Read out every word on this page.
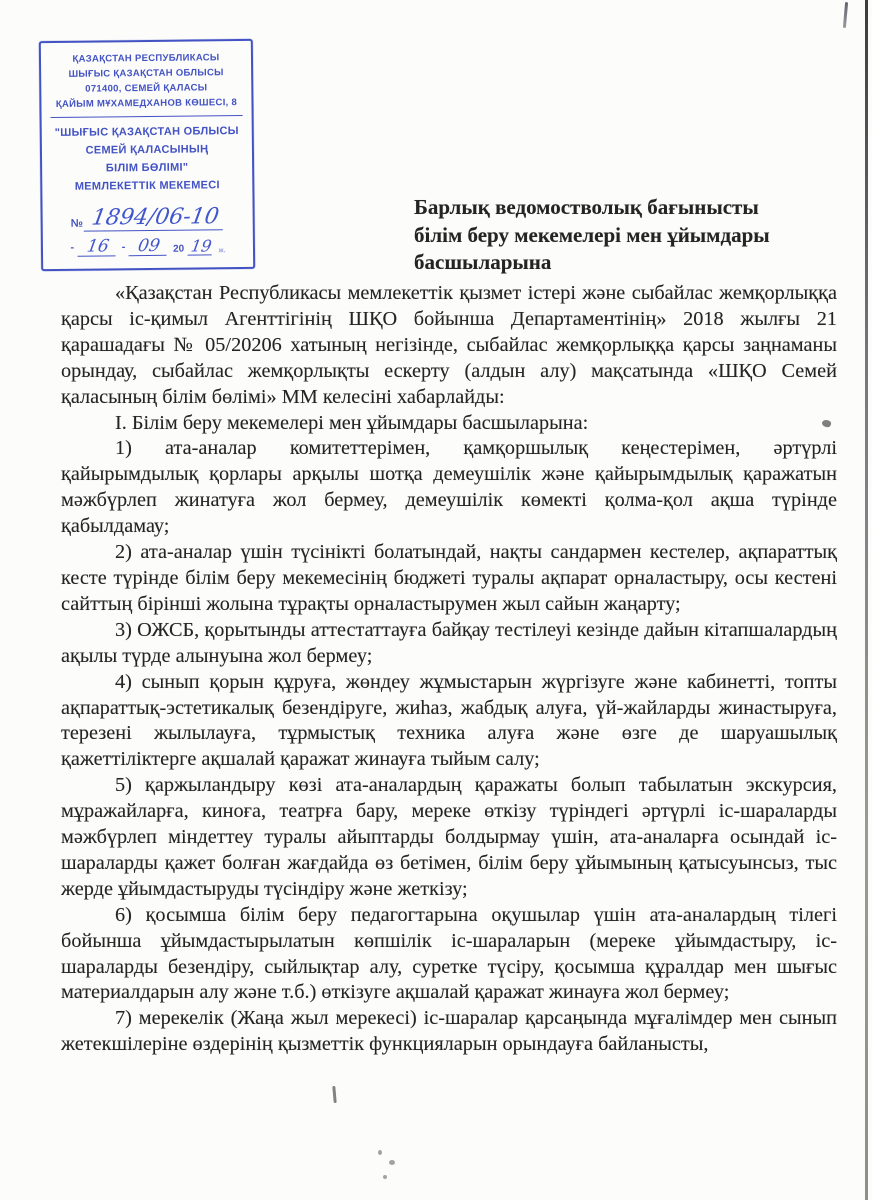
ҚАЗАҚСТАН РЕСПУБЛИКАСЫ
ШЫҒЫС ҚАЗАҚСТАН ОБЛЫСЫ
071400, СЕМЕЙ ҚАЛАСЫ
ҚАЙЫМ МҰХАМЕДХАНОВ КӨШЕСІ, 8
"ШЫҒЫС ҚАЗАҚСТАН ОБЛЫСЫ
СЕМЕЙ ҚАЛАСЫНЫҢ
БІЛІМ БӨЛІМІ"
МЕМЛЕКЕТТІК МЕКЕМЕСІ
№ 1894/06-10
- 16	- 09	20 19 ж.
Барлық ведомостволық бағынысты
білім беру мекемелері мен ұйымдары
басшыларына

«Қазақстан Республикасы мемлекеттік қызмет істері және сыбайлас жемқорлыққа қарсы іс-қимыл Агенттігінің ШҚО бойынша Департаментінің» 2018 жылғы 21 қарашадағы № 05/20206 хатының негізінде, сыбайлас жемқорлыққа қарсы заңнаманы орындау, сыбайлас жемқорлықты ескерту (алдын алу) мақсатында «ШҚО Семей қаласының білім бөлімі» ММ келесіні хабарлайды:

І. Білім беру мекемелері мен ұйымдары басшыларына:

1) ата-аналар комитеттерімен, қамқоршылық кеңестерімен, әртүрлі қайырымдылық қорлары арқылы шотқа демеушілік және қайырымдылық қаражатын мәжбүрлеп жинатуға жол бермеу, демеушілік көмекті қолма-қол ақша түрінде қабылдамау;

2) ата-аналар үшін түсінікті болатындай, нақты сандармен кестелер, ақпараттық кесте түрінде білім беру мекемесінің бюджеті туралы ақпарат орналастыру, осы кестені сайттың бірінші жолына тұрақты орналастырумен жыл сайын жаңарту;

3) ОЖСБ, қорытынды аттестаттауға байқау тестілеуі кезінде дайын кітапшалардың ақылы түрде алынуына жол бермеу;

4) сынып қорын құруға, жөндеу жұмыстарын жүргізуге және кабинетті, топты ақпараттық-эстетикалық безендіруге, жиһаз, жабдық алуға, үй-жайларды жинастыруға, терезені жылылауға, тұрмыстық техника алуға және өзге де шаруашылық қажеттіліктерге ақшалай қаражат жинауға тыйым салу;

5) қаржыландыру көзі ата-аналардың қаражаты болып табылатын экскурсия, мұражайларға, киноға, театрға бару, мереке өткізу түріндегі әртүрлі іс-шараларды мәжбүрлеп міндеттеу туралы айыптарды болдырмау үшін, ата-аналарға осындай іс-шараларды қажет болған жағдайда өз бетімен, білім беру ұйымының қатысуынсыз, тыс жерде ұйымдастыруды түсіндіру және жеткізу;

6) қосымша білім беру педагогтарына оқушылар үшін ата-аналардың тілегі бойынша ұйымдастырылатын көпшілік іс-шараларын (мереке ұйымдастыру, іс-шараларды безендіру, сыйлықтар алу, суретке түсіру, қосымша құралдар мен шығыс материалдарын алу және т.б.) өткізуге ақшалай қаражат жинауға жол бермеу;

7) мерекелік (Жаңа жыл мерекесі) іс-шаралар қарсаңында мұғалімдер мен сынып жетекшілеріне өздерінің қызметтік функцияларын орындауға байланысты,
